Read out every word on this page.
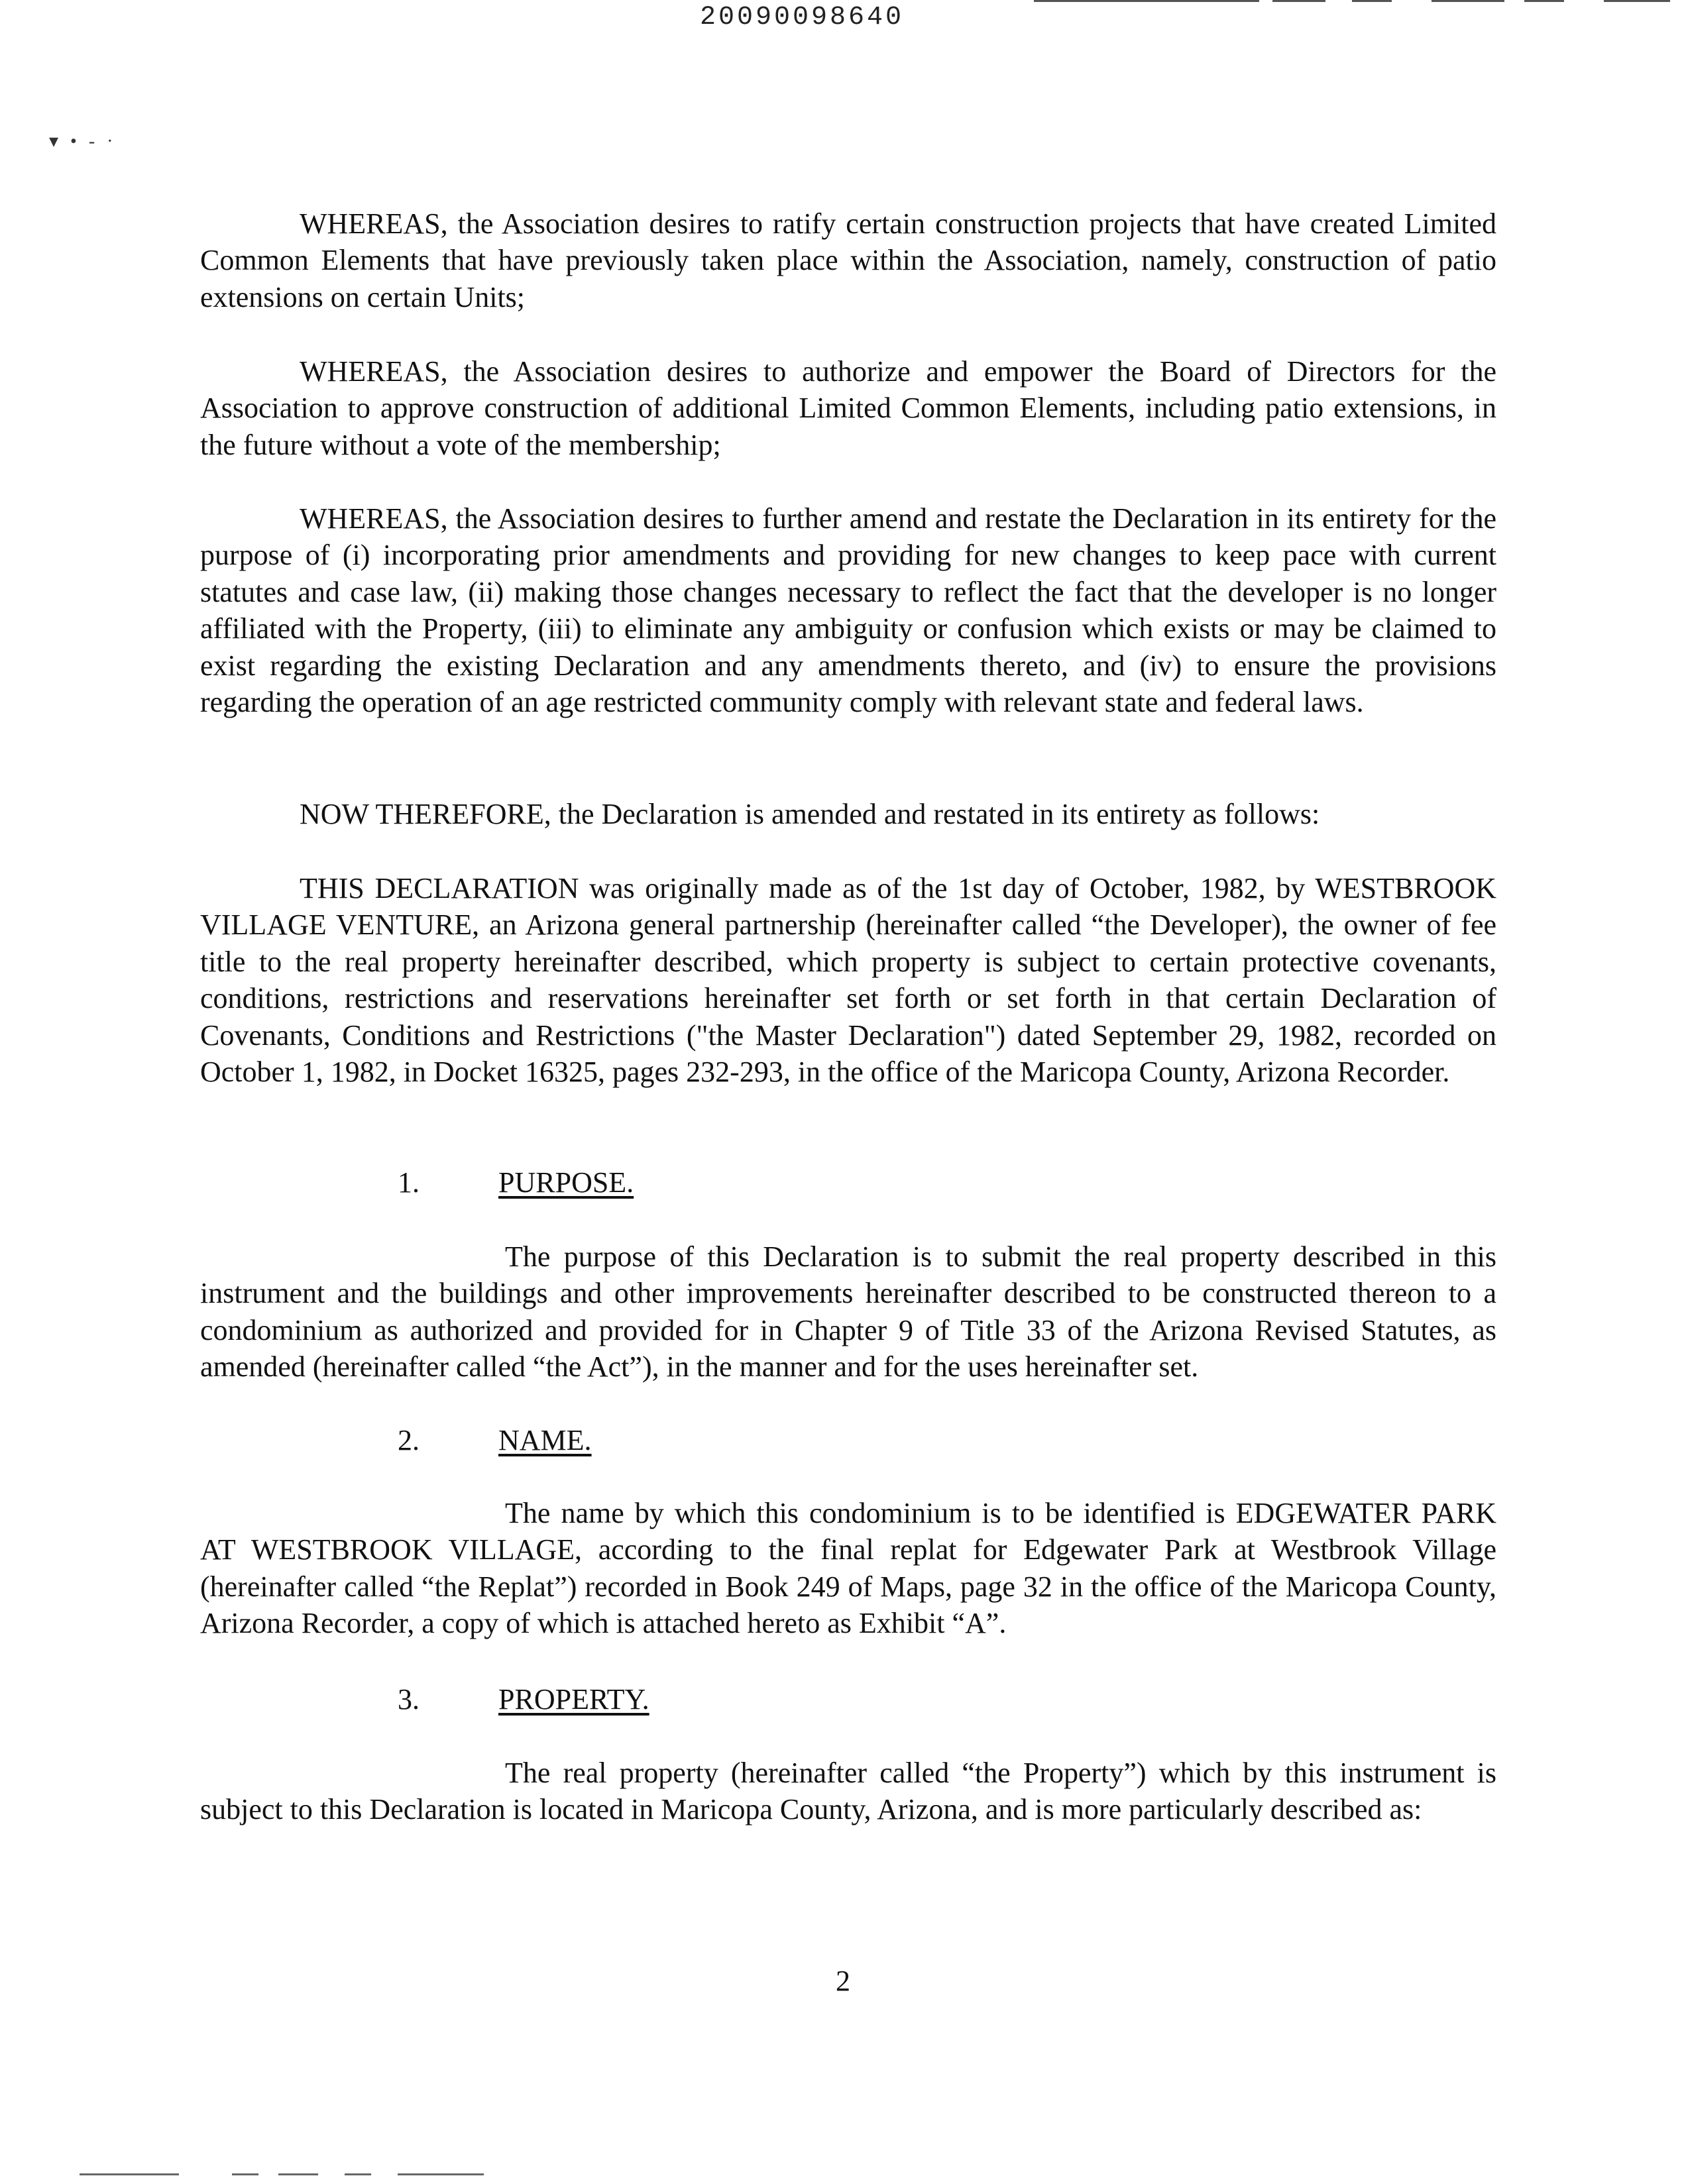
20090098640
▾•-·

WHEREAS, the Association desires to ratify certain construction projects that have created Limited Common Elements that have previously taken place within the Association, namely, construction of patio extensions on certain Units;

WHEREAS, the Association desires to authorize and empower the Board of Directors for the Association to approve construction of additional Limited Common Elements, including patio extensions, in the future without a vote of the membership;

WHEREAS, the Association desires to further amend and restate the Declaration in its entirety for the purpose of (i) incorporating prior amendments and providing for new changes to keep pace with current statutes and case law, (ii) making those changes necessary to reflect the fact that the developer is no longer affiliated with the Property, (iii) to eliminate any ambiguity or confusion which exists or may be claimed to exist regarding the existing Declaration and any amendments thereto, and (iv) to ensure the provisions regarding the operation of an age restricted community comply with relevant state and federal laws.

NOW THEREFORE, the Declaration is amended and restated in its entirety as follows:

THIS DECLARATION was originally made as of the 1st day of October, 1982, by WESTBROOK VILLAGE VENTURE, an Arizona general partnership (hereinafter called “the Developer), the owner of fee title to the real property hereinafter described, which property is subject to certain protective covenants, conditions, restrictions and reservations hereinafter set forth or set forth in that certain Declaration of Covenants, Conditions and Restrictions ("the Master Declaration") dated September 29, 1982, recorded on October 1, 1982, in Docket 16325, pages 232-293, in the office of the Maricopa County, Arizona Recorder.

1.	PURPOSE.

The purpose of this Declaration is to submit the real property described in this instrument and the buildings and other improvements hereinafter described to be constructed thereon to a condominium as authorized and provided for in Chapter 9 of Title 33 of the Arizona Revised Statutes, as amended (hereinafter called “the Act”), in the manner and for the uses hereinafter set.

2.	NAME.

The name by which this condominium is to be identified is EDGEWATER PARK AT WESTBROOK VILLAGE, according to the final replat for Edgewater Park at Westbrook Village (hereinafter called “the Replat”) recorded in Book 249 of Maps, page 32 in the office of the Maricopa County, Arizona Recorder, a copy of which is attached hereto as Exhibit “A”.

3.	PROPERTY.

The real property (hereinafter called “the Property”) which by this instrument is subject to this Declaration is located in Maricopa County, Arizona, and is more particularly described as:

2
